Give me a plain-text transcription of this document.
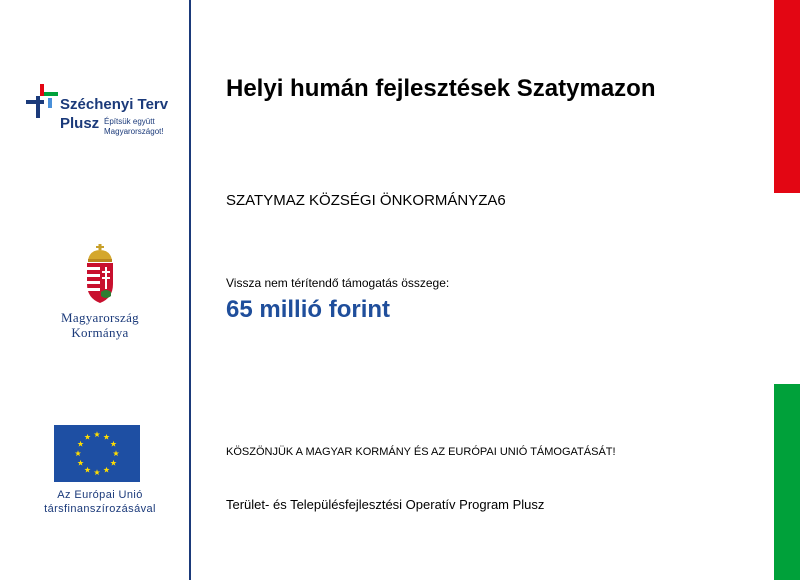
Széchenyi Terv
Plusz Építsük együtt
Magyarországot!
Magyarország
Kormánya
Az Európai Unió
társfinanszírozásával
Helyi humán fejlesztések Szatymazon
SZATYMAZ KÖZSÉGI ÖNKORMÁNYZA6
Vissza nem térítendő támogatás összege:
65 millió forint
KÖSZÖNJÜK A MAGYAR KORMÁNY ÉS AZ EURÓPAI UNIÓ TÁMOGATÁSÁT!
Terület- és Településfejlesztési Operatív Program Plusz
